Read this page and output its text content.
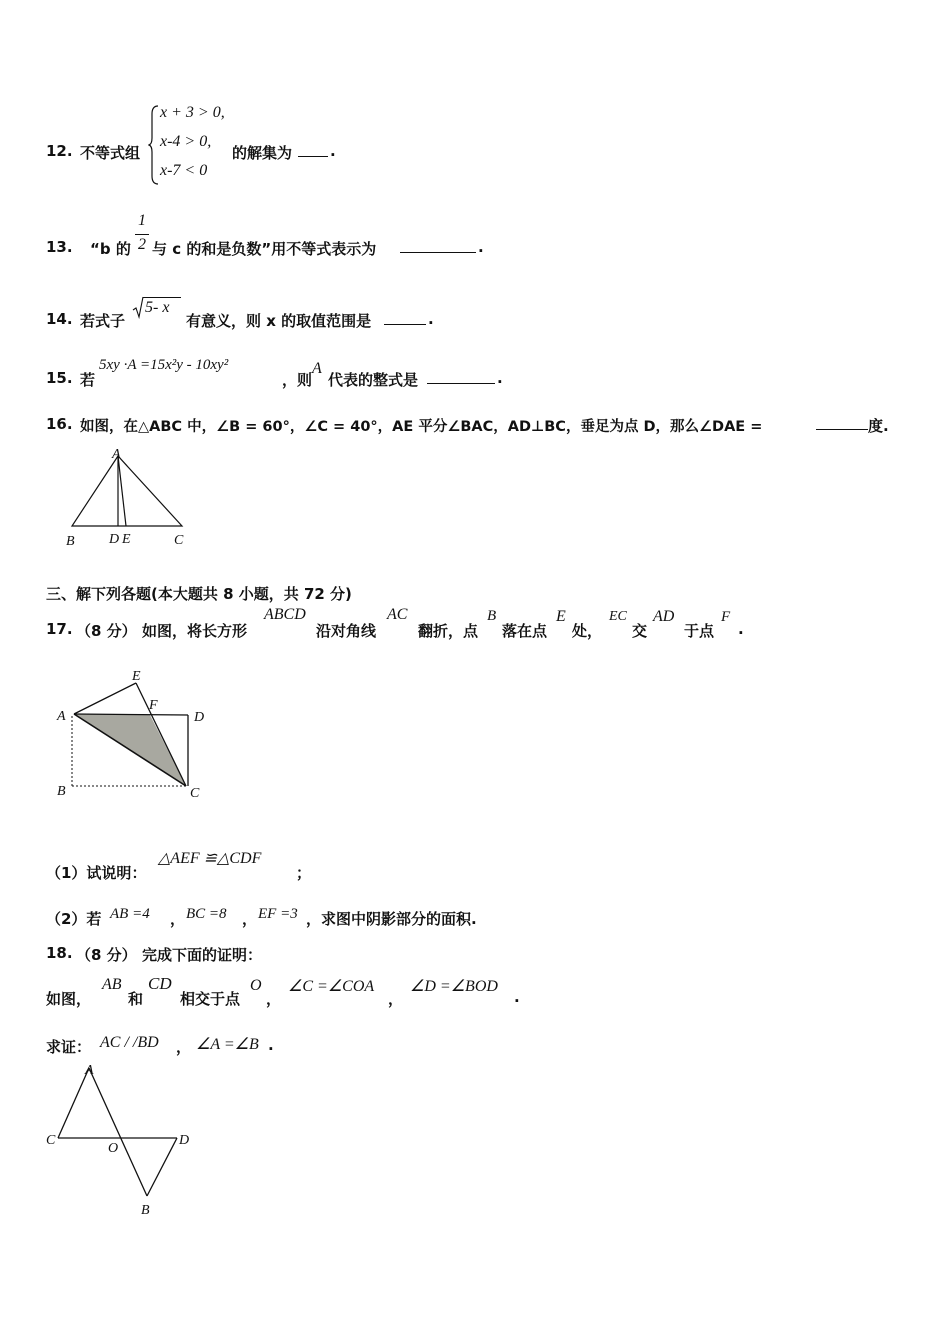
12. 不等式组
x + 3 > 0,
x-4 > 0,
x-7 < 0
的解集为	.
13. “b 的
1
2 与 c 的和是负数”用不等式表示为	.
14. 若式子
5- x
有意义，则 x 的取值范围是	.
15. 若
5xy ·A =15x²y - 10xy²
，则
A
代表的整式是	.
16. 如图，在△ABC 中，∠B = 60°，∠C = 40°，AE 平分∠BAC，AD⊥BC，垂足为点 D，那么∠DAE =	度.
A
B D E	C
三、解下列各题(本大题共 8 小题，共 72 分)
17. （8 分） 如图，将长方形
ABCD
沿对角线
AC
翻折，点
B
落在点
E
处，
EC
交
AD
于点
F
.
E
A
F
D
B	C
（1）试说明：
△AEF ≌△CDF
；
（2）若 AB =4 ， BC =8 ， EF =3 ，求图中阴影部分的面积.
18. （8 分） 完成下面的证明：
如图，
AB
和
CD
相交于点
O
，
∠C =∠COA
，
∠D =∠BOD
.
求证： AC / /BD ， ∠A =∠B .
A
C
O
D
B
